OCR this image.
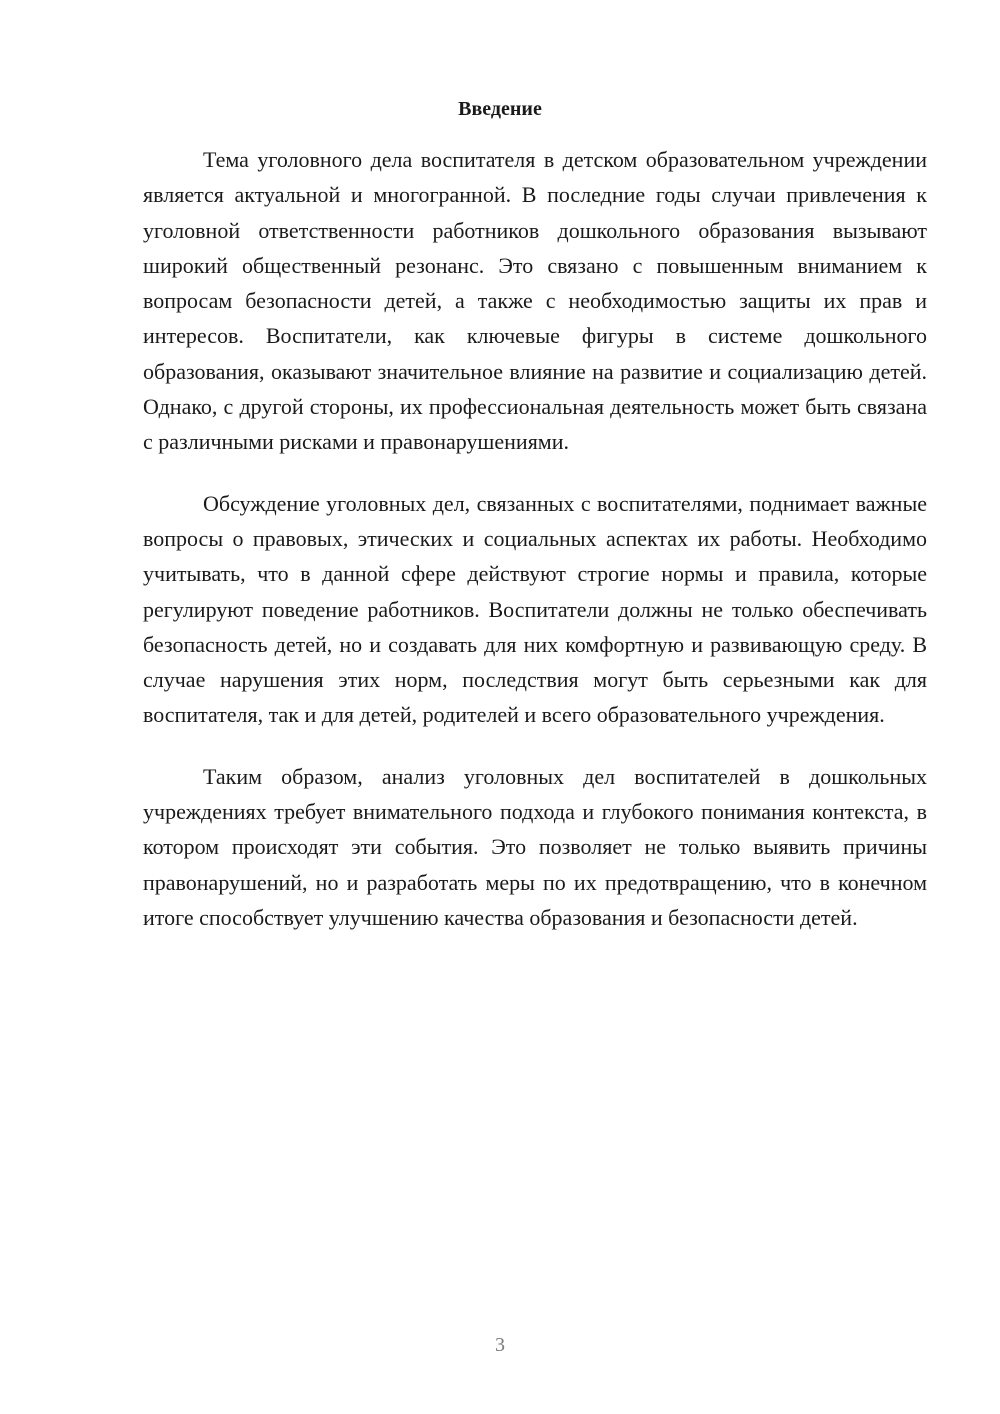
Введение

Тема уголовного дела воспитателя в детском образовательном учреждении является актуальной и многогранной. В последние годы случаи привлечения к уголовной ответственности работников дошкольного образования вызывают широкий общественный резонанс. Это связано с повышенным вниманием к вопросам безопасности детей, а также с необходимостью защиты их прав и интересов. Воспитатели, как ключевые фигуры в системе дошкольного образования, оказывают значительное влияние на развитие и социализацию детей. Однако, с другой стороны, их профессиональная деятельность может быть связана с различными рисками и правонарушениями.

Обсуждение уголовных дел, связанных с воспитателями, поднимает важные вопросы о правовых, этических и социальных аспектах их работы. Необходимо учитывать, что в данной сфере действуют строгие нормы и правила, которые регулируют поведение работников. Воспитатели должны не только обеспечивать безопасность детей, но и создавать для них комфортную и развивающую среду. В случае нарушения этих норм, последствия могут быть серьезными как для воспитателя, так и для детей, родителей и всего образовательного учреждения.

Таким образом, анализ уголовных дел воспитателей в дошкольных учреждениях требует внимательного подхода и глубокого понимания контекста, в котором происходят эти события. Это позволяет не только выявить причины правонарушений, но и разработать меры по их предотвращению, что в конечном итоге способствует улучшению качества образования и безопасности детей.

3
